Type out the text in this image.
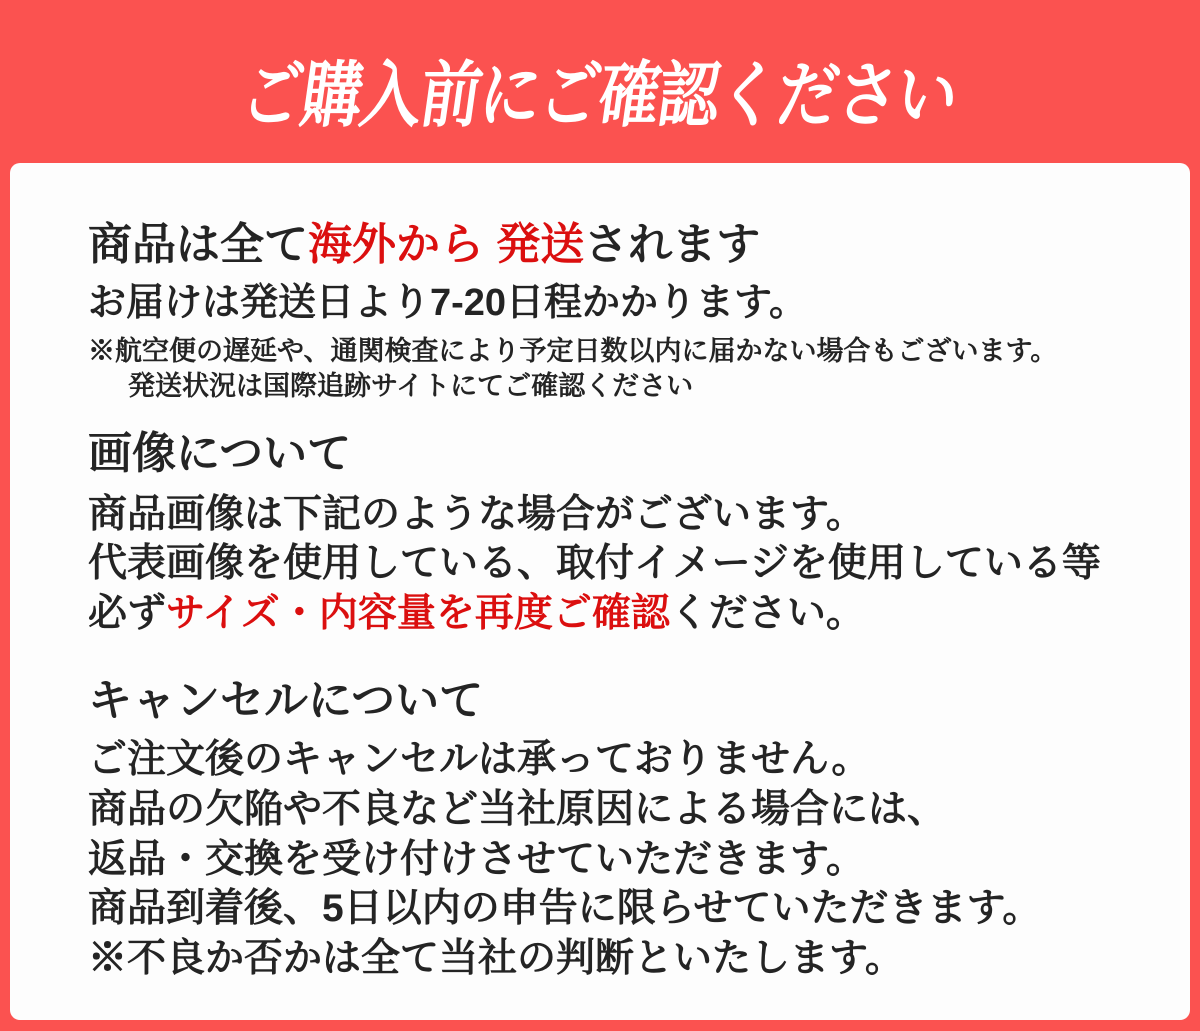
ご購入前にご確認ください
商品は全て海外から 発送されます

お届けは発送日より7-20日程かかります。

※航空便の遅延や、通関検査により予定日数以内に届かない場合もございます。

発送状況は国際追跡サイトにてご確認ください

画像について

商品画像は下記のような場合がございます。

代表画像を使用している、取付イメージを使用している等

必ずサイズ・内容量を再度ご確認ください。

キャンセルについて

ご注文後のキャンセルは承っておりません。

商品の欠陥や不良など当社原因による場合には、

返品・交換を受け付けさせていただきます。

商品到着後、5日以内の申告に限らせていただきます。

※不良か否かは全て当社の判断といたします。
